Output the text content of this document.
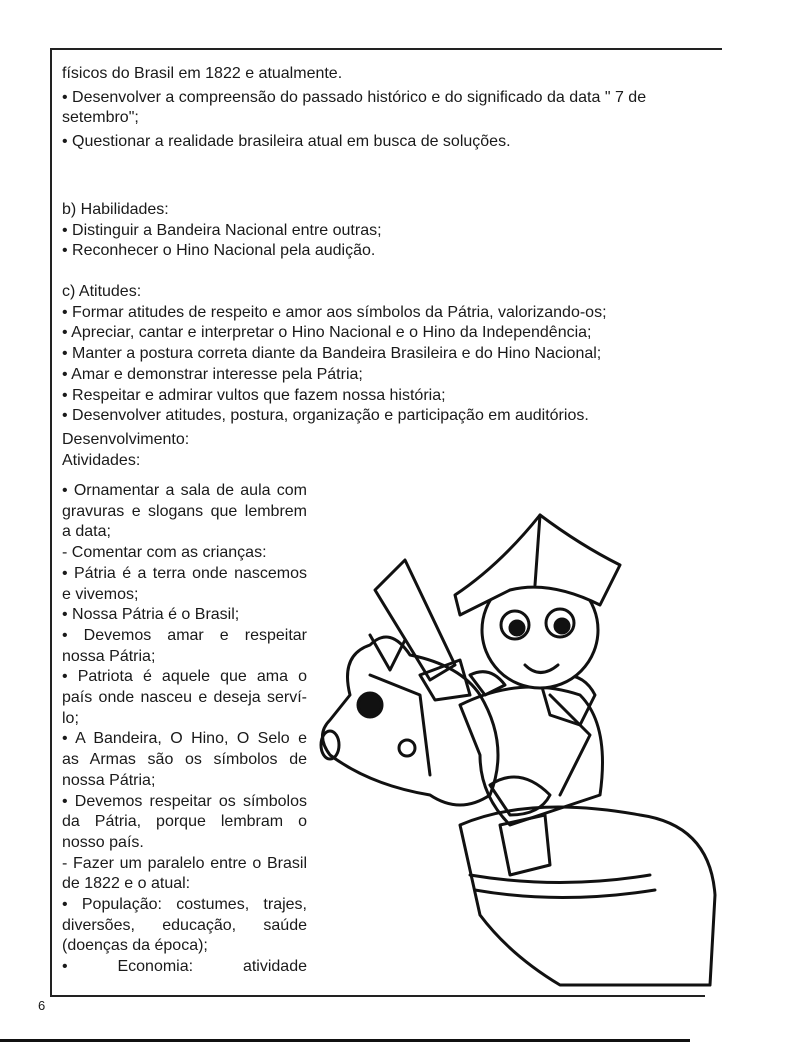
físicos do Brasil em 1822 e atualmente.
• Desenvolver a compreensão do passado histórico e do significado da data " 7 de
setembro";
• Questionar a realidade brasileira atual em busca de soluções.
b) Habilidades:
• Distinguir a Bandeira Nacional entre outras;
• Reconhecer o Hino Nacional pela audição.
c) Atitudes:
• Formar atitudes de respeito e amor aos símbolos da Pátria, valorizando-os;
• Apreciar, cantar e interpretar o Hino Nacional e o Hino da Independência;
• Manter a postura correta diante da Bandeira Brasileira e do Hino Nacional;
• Amar e demonstrar interesse pela Pátria;
• Respeitar e admirar vultos que fazem nossa história;
• Desenvolver atitudes, postura, organização e participação em auditórios.
Desenvolvimento:
Atividades:
• Ornamentar a sala de aula com
gravuras e slogans que lembrem
a data;
- Comentar com as crianças:
• Pátria é a terra onde nascemos
e vivemos;
• Nossa Pátria é o Brasil;
• Devemos amar e respeitar
nossa Pátria;
• Patriota é aquele que ama o
país onde nasceu e deseja serví-
lo;
• A Bandeira, O Hino, O Selo e
as Armas são os símbolos de
nossa Pátria;
• Devemos respeitar os símbolos
da Pátria, porque lembram o
nosso país.
- Fazer um paralelo entre o Brasil
de 1822 e o atual:
• População: costumes, trajes,
diversões, educação, saúde
(doenças da época);
• Economia: atividade
6
